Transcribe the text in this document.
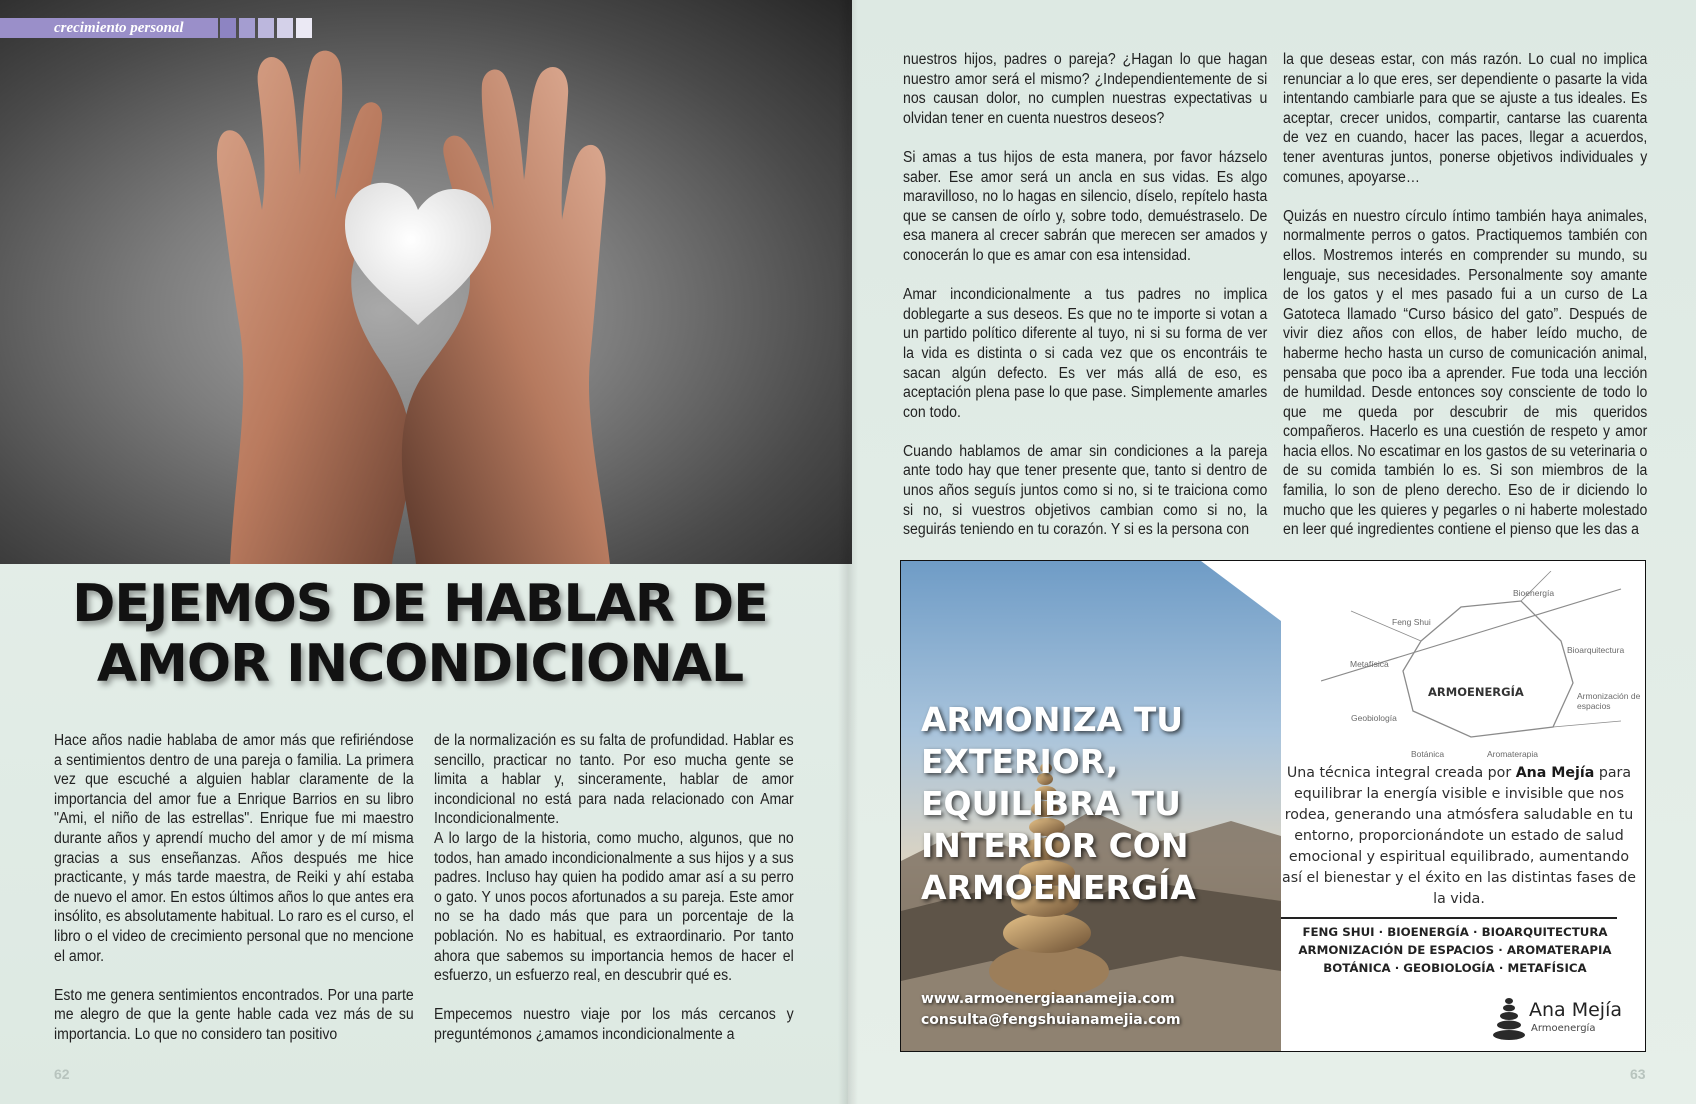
crecimiento personal
DEJEMOS DE HABLAR DE
AMOR INCONDICIONAL

Hace años nadie hablaba de amor más que refiriéndose a sentimientos dentro de una pareja o familia. La primera vez que escuché a alguien hablar claramente de la importancia del amor fue a Enrique Barrios en su libro "Ami, el niño de las estrellas". Enrique fue mi maestro durante años y aprendí mucho del amor y de mí misma gracias a sus enseñanzas. Años después me hice practicante, y más tarde maestra, de Reiki y ahí estaba de nuevo el amor. En estos últimos años lo que antes era insólito, es absolutamente habitual. Lo raro es el curso, el libro o el video de crecimiento personal que no mencione el amor.

Esto me genera sentimientos encontrados. Por una parte me alegro de que la gente hable cada vez más de su importancia. Lo que no considero tan positivo

de la normalización es su falta de profundidad. Hablar es sencillo, practicar no tanto. Por eso mucha gente se limita a hablar y, sinceramente, hablar de amor incondicional no está para nada relacionado con Amar Incondicionalmente.

A lo largo de la historia, como mucho, algunos, que no todos, han amado incondicionalmente a sus hijos y a sus padres. Incluso hay quien ha podido amar así a su perro o gato. Y unos pocos afortunados a su pareja. Este amor no se ha dado más que para un porcentaje de la población. No es habitual, es extraordinario. Por tanto ahora que sabemos su importancia hemos de hacer el esfuerzo, un esfuerzo real, en descubrir qué es.

Empecemos nuestro viaje por los más cercanos y preguntémonos ¿amamos incondicionalmente a

nuestros hijos, padres o pareja? ¿Hagan lo que hagan nuestro amor será el mismo? ¿Independientemente de si nos causan dolor, no cumplen nuestras expectativas u olvidan tener en cuenta nuestros deseos?

Si amas a tus hijos de esta manera, por favor házselo saber. Ese amor será un ancla en sus vidas. Es algo maravilloso, no lo hagas en silencio, díselo, repítelo hasta que se cansen de oírlo y, sobre todo, demuéstraselo. De esa manera al crecer sabrán que merecen ser amados y conocerán lo que es amar con esa intensidad.

Amar incondicionalmente a tus padres no implica doblegarte a sus deseos. Es que no te importe si votan a un partido político diferente al tuyo, ni si su forma de ver la vida es distinta o si cada vez que os encontráis te sacan algún defecto. Es ver más allá de eso, es aceptación plena pase lo que pase. Simplemente amarles con todo.

Cuando hablamos de amar sin condiciones a la pareja ante todo hay que tener presente que, tanto si dentro de unos años seguís juntos como si no, si te traiciona como si no, si vuestros objetivos cambian como si no, la seguirás teniendo en tu corazón. Y si es la persona con

la que deseas estar, con más razón. Lo cual no implica renunciar a lo que eres, ser dependiente o pasarte la vida intentando cambiarle para que se ajuste a tus ideales. Es aceptar, crecer unidos, compartir, cantarse las cuarenta de vez en cuando, hacer las paces, llegar a acuerdos, tener aventuras juntos, ponerse objetivos individuales y comunes, apoyarse…

Quizás en nuestro círculo íntimo también haya animales, normalmente perros o gatos. Practiquemos también con ellos. Mostremos interés en comprender su mundo, su lenguaje, sus necesidades. Personalmente soy amante de los gatos y el mes pasado fui a un curso de La Gatoteca llamado “Curso básico del gato”. Después de vivir diez años con ellos, de haber leído mucho, de haberme hecho hasta un curso de comunicación animal, pensaba que poco iba a aprender. Fue toda una lección de humildad. Desde entonces soy consciente de todo lo que me queda por descubrir de mis queridos compañeros. Hacerlo es una cuestión de respeto y amor hacia ellos. No escatimar en los gastos de su veterinaria o de su comida también lo es. Si son miembros de la familia, lo son de pleno derecho. Eso de ir diciendo lo mucho que les quieres y pegarles o ni haberte molestado en leer qué ingredientes contiene el pienso que les das a

62	63
ARMONIZA TU EXTERIOR, EQUILIBRA TU INTERIOR CON ARMOENERGÍA
www.armoenergiaanamejia.com
consulta@fengshuianamejia.com
Bioenergía
Feng Shui
Bioarquitectura
Metafísica
Armonización de espacios
Geobiología
Botánica	Aromaterapia
ARMOENERGÍA
Una técnica integral creada por Ana Mejía para equilibrar la energía visible e invisible que nos rodea, generando una atmósfera saludable en tu entorno, proporcionándote un estado de salud emocional y espiritual equilibrado, aumentando así el bienestar y el éxito en las distintas fases de la vida.
FENG SHUI · BIOENERGÍA · BIOARQUITECTURA
ARMONIZACIÓN DE ESPACIOS · AROMATERAPIA
BOTÁNICA · GEOBIOLOGÍA · METAFÍSICA
Ana Mejía
Armoenergía
